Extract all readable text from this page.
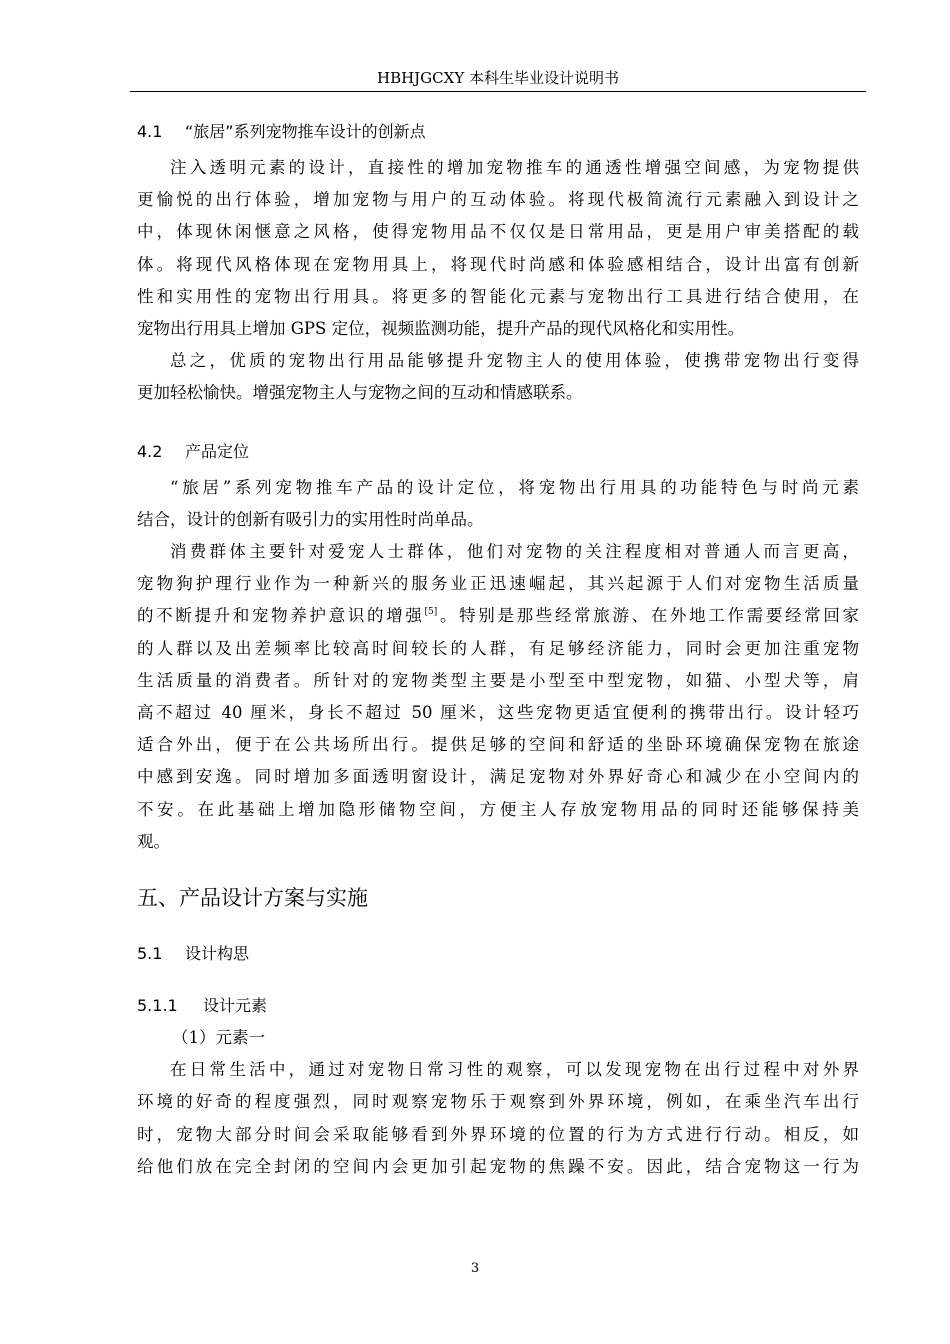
HBHJGCXY 本科生毕业设计说明书
4.1 “旅居”系列宠物推车设计的创新点
注入透明元素的设计，直接性的增加宠物推车的通透性增强空间感，为宠物提供
更愉悦的出行体验，增加宠物与用户的互动体验。将现代极简流行元素融入到设计之
中，体现休闲惬意之风格，使得宠物用品不仅仅是日常用品，更是用户审美搭配的载
体。将现代风格体现在宠物用具上，将现代时尚感和体验感相结合，设计出富有创新
性和实用性的宠物出行用具。将更多的智能化元素与宠物出行工具进行结合使用，在
宠物出行用具上增加 GPS 定位，视频监测功能，提升产品的现代风格化和实用性。
总之，优质的宠物出行用品能够提升宠物主人的使用体验，使携带宠物出行变得
更加轻松愉快。增强宠物主人与宠物之间的互动和情感联系。
4.2 产品定位
“旅居”系列宠物推车产品的设计定位，将宠物出行用具的功能特色与时尚元素
结合，设计的创新有吸引力的实用性时尚单品。
消费群体主要针对爱宠人士群体，他们对宠物的关注程度相对普通人而言更高，
宠物狗护理行业作为一种新兴的服务业正迅速崛起，其兴起源于人们对宠物生活质量
的不断提升和宠物养护意识的增强[5]。特别是那些经常旅游、在外地工作需要经常回家
的人群以及出差频率比较高时间较长的人群，有足够经济能力，同时会更加注重宠物
生活质量的消费者。所针对的宠物类型主要是小型至中型宠物，如猫、小型犬等，肩
高不超过 40 厘米，身长不超过 50 厘米，这些宠物更适宜便利的携带出行。设计轻巧
适合外出，便于在公共场所出行。提供足够的空间和舒适的坐卧环境确保宠物在旅途
中感到安逸。同时增加多面透明窗设计，满足宠物对外界好奇心和减少在小空间内的
不安。在此基础上增加隐形储物空间，方便主人存放宠物用品的同时还能够保持美
观。
五、产品设计方案与实施
5.1 设计构思
5.1.1 设计元素
（1）元素一
在日常生活中，通过对宠物日常习性的观察，可以发现宠物在出行过程中对外界
环境的好奇的程度强烈，同时观察宠物乐于观察到外界环境，例如，在乘坐汽车出行
时，宠物大部分时间会采取能够看到外界环境的位置的行为方式进行行动。相反，如
给他们放在完全封闭的空间内会更加引起宠物的焦躁不安。因此，结合宠物这一行为
3
